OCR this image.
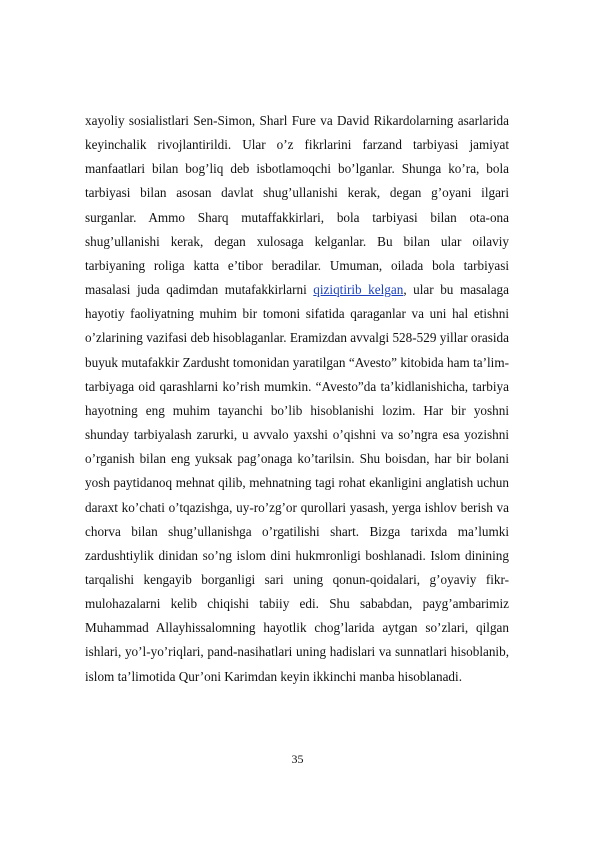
xayoliy sosialistlari Sen-Simon, Sharl Fure va David Rikardolarning asarlarida keyinchalik rivojlantirildi. Ular o’z fikrlarini farzand tarbiyasi jamiyat manfaatlari bilan bog’liq deb isbotlamoqchi bo’lganlar. Shunga ko’ra, bola tarbiyasi bilan asosan davlat shug’ullanishi kerak, degan g’oyani ilgari surganlar. Ammo Sharq mutaffakkirlari, bola tarbiyasi bilan ota-ona shug’ullanishi kerak, degan xulosaga kelganlar. Bu bilan ular oilaviy tarbiyaning roliga katta e’tibor beradilar. Umuman, oilada bola tarbiyasi masalasi juda qadimdan mutafakkirlarni qiziqtirib kelgan, ular bu masalaga hayotiy faoliyatning muhim bir tomoni sifatida qaraganlar va uni hal etishni o’zlarining vazifasi deb hisoblaganlar. Eramizdan avvalgi 528-529 yillar orasida buyuk mutafakkir Zardusht tomonidan yaratilgan “Avesto” kitobida ham ta’lim-tarbiyaga oid qarashlarni ko’rish mumkin. “Avesto”da ta’kidlanishicha, tarbiya hayotning eng muhim tayanchi bo’lib hisoblanishi lozim. Har bir yoshni shunday tarbiyalash zarurki, u avvalo yaxshi o’qishni va so’ngra esa yozishni o’rganish bilan eng yuksak pag’onaga ko’tarilsin. Shu boisdan, har bir bolani yosh paytidanoq mehnat qilib, mehnatning tagi rohat ekanligini anglatish uchun daraxt ko’chati o’tqazishga, uy-ro’zg’or qurollari yasash, yerga ishlov berish va chorva bilan shug’ullanishga o’rgatilishi shart. Bizga tarixda ma’lumki zardushtiylik dinidan so’ng islom dini hukmronligi boshlanadi. Islom dinining tarqalishi kengayib borganligi sari uning qonun-qoidalari, g’oyaviy fikr-mulohazalarni kelib chiqishi tabiiy edi. Shu sababdan, payg’ambarimiz Muhammad Allayhissalomning hayotlik chog’larida aytgan so’zlari, qilgan ishlari, yo’l-yo’riqlari, pand-nasihatlari uning hadislari va sunnatlari hisoblanib, islom ta’limotida Qur’oni Karimdan keyin ikkinchi manba hisoblanadi.

35
